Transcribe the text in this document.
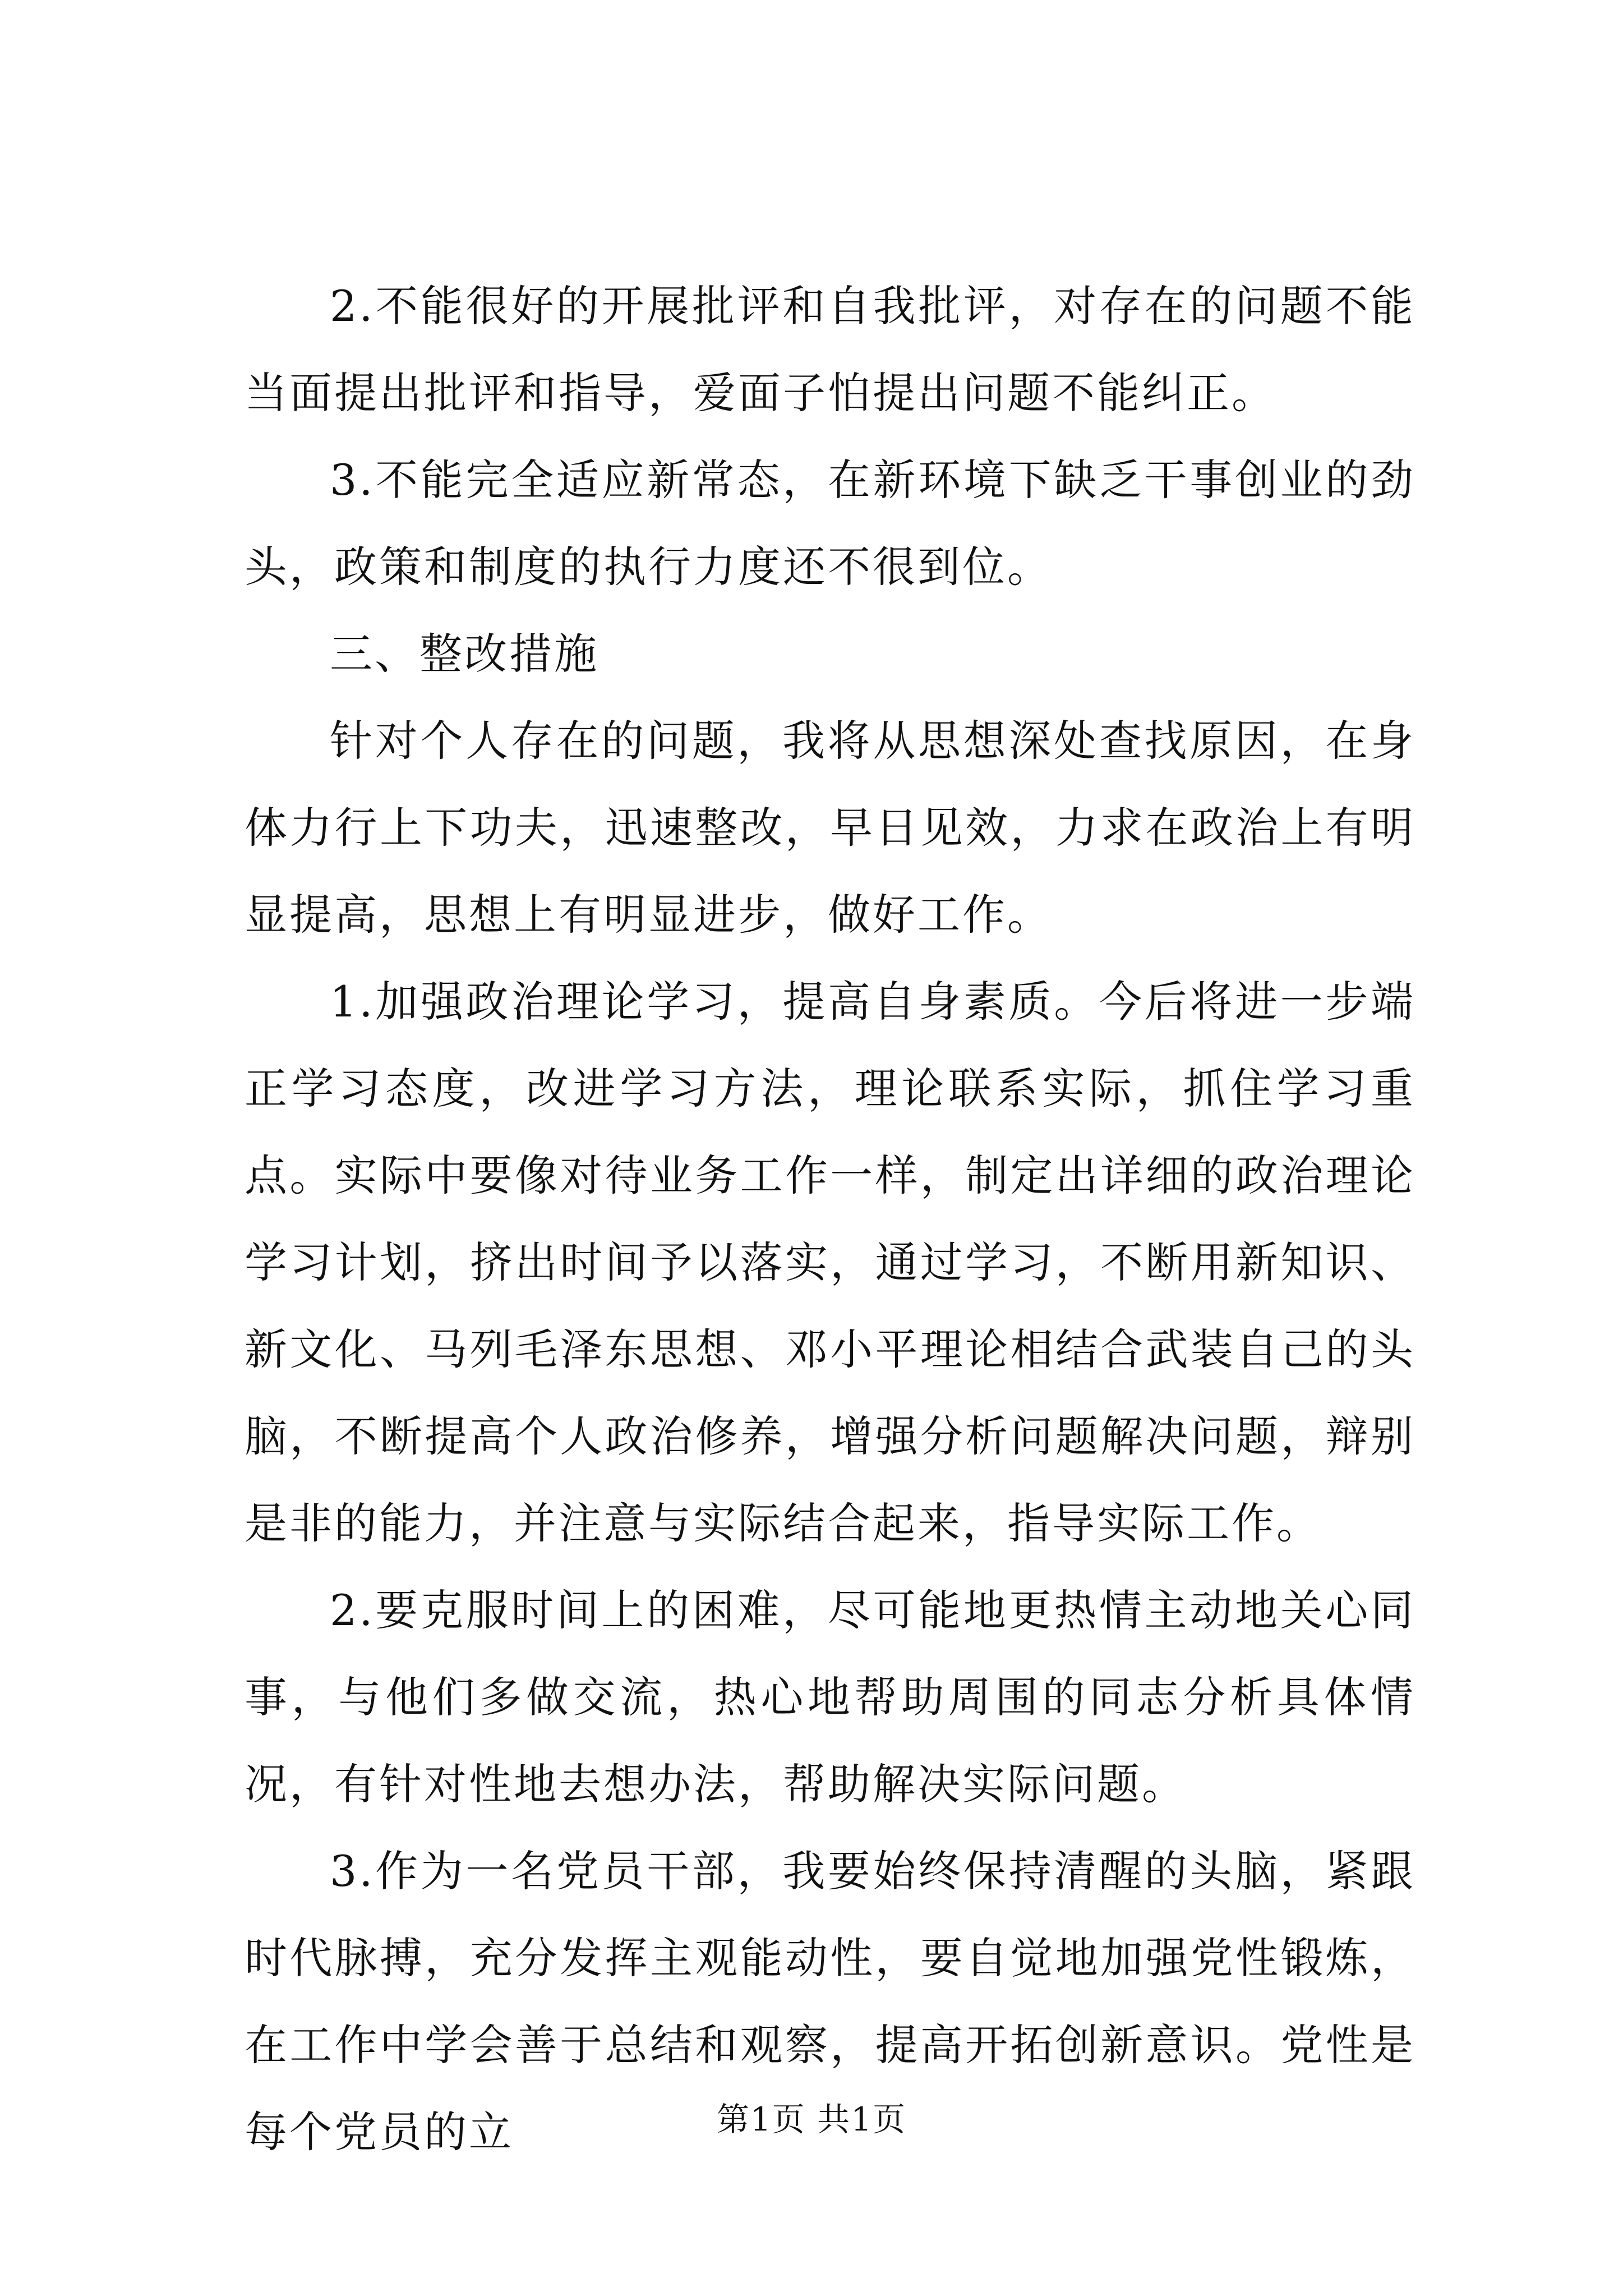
2.不能很好的开展批评和自我批评，对存在的问题不能当面提出批评和指导，爱面子怕提出问题不能纠正。

3.不能完全适应新常态，在新环境下缺乏干事创业的劲头，政策和制度的执行力度还不很到位。

三、整改措施

针对个人存在的问题，我将从思想深处查找原因，在身体力行上下功夫，迅速整改，早日见效，力求在政治上有明显提高，思想上有明显进步，做好工作。

1.加强政治理论学习，提高自身素质。今后将进一步端正学习态度，改进学习方法，理论联系实际，抓住学习重点。实际中要像对待业务工作一样，制定出详细的政治理论学习计划，挤出时间予以落实，通过学习，不断用新知识、新文化、马列毛泽东思想、邓小平理论相结合武装自己的头脑，不断提高个人政治修养，增强分析问题解决问题，辩别是非的能力，并注意与实际结合起来，指导实际工作。

2.要克服时间上的困难，尽可能地更热情主动地关心同事，与他们多做交流，热心地帮助周围的同志分析具体情况，有针对性地去想办法，帮助解决实际问题。

3.作为一名党员干部，我要始终保持清醒的头脑，紧跟时代脉搏，充分发挥主观能动性，要自觉地加强党性锻炼，在工作中学会善于总结和观察，提高开拓创新意识。党性是每个党员的立	第1页 共1页
